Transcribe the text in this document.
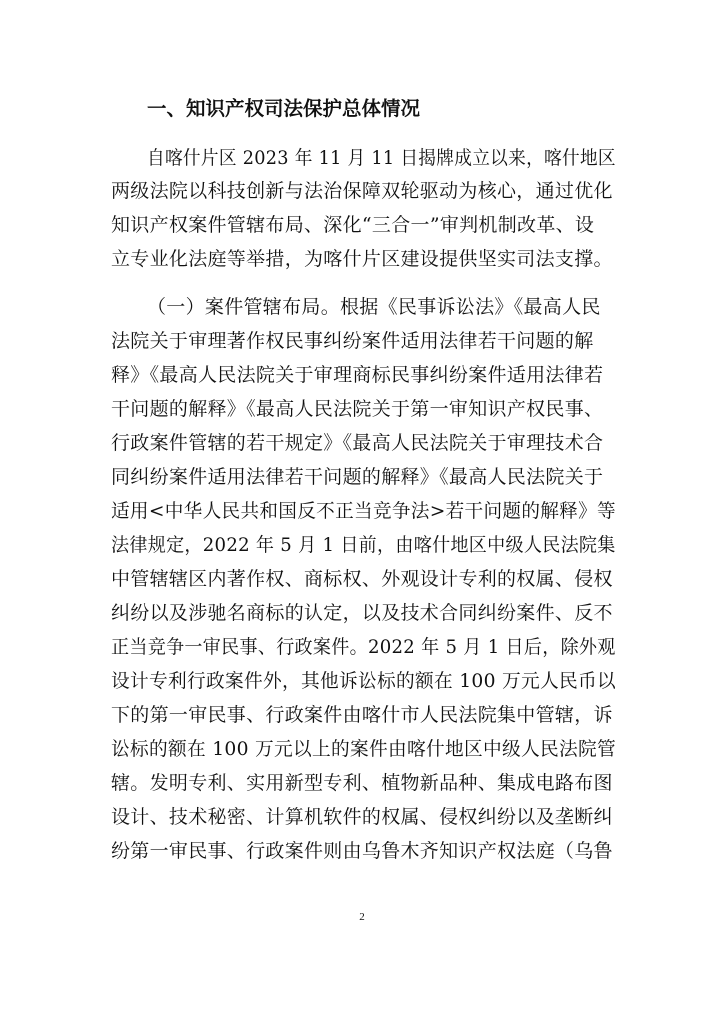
一、知识产权司法保护总体情况
自喀什片区 2023 年 11 月 11 日揭牌成立以来，喀什地区
两级法院以科技创新与法治保障双轮驱动为核心，通过优化
知识产权案件管辖布局、深化“三合一”审判机制改革、设
立专业化法庭等举措，为喀什片区建设提供坚实司法支撑。
（一）案件管辖布局。根据《民事诉讼法》《最高人民
法院关于审理著作权民事纠纷案件适用法律若干问题的解
释》《最高人民法院关于审理商标民事纠纷案件适用法律若
干问题的解释》《最高人民法院关于第一审知识产权民事、
行政案件管辖的若干规定》《最高人民法院关于审理技术合
同纠纷案件适用法律若干问题的解释》《最高人民法院关于
适用<中华人民共和国反不正当竞争法>若干问题的解释》等
法律规定，2022 年 5 月 1 日前，由喀什地区中级人民法院集
中管辖辖区内著作权、商标权、外观设计专利的权属、侵权
纠纷以及涉驰名商标的认定，以及技术合同纠纷案件、反不
正当竞争一审民事、行政案件。2022 年 5 月 1 日后，除外观
设计专利行政案件外，其他诉讼标的额在 100 万元人民币以
下的第一审民事、行政案件由喀什市人民法院集中管辖，诉
讼标的额在 100 万元以上的案件由喀什地区中级人民法院管
辖。发明专利、实用新型专利、植物新品种、集成电路布图
设计、技术秘密、计算机软件的权属、侵权纠纷以及垄断纠
纷第一审民事、行政案件则由乌鲁木齐知识产权法庭（乌鲁
2
